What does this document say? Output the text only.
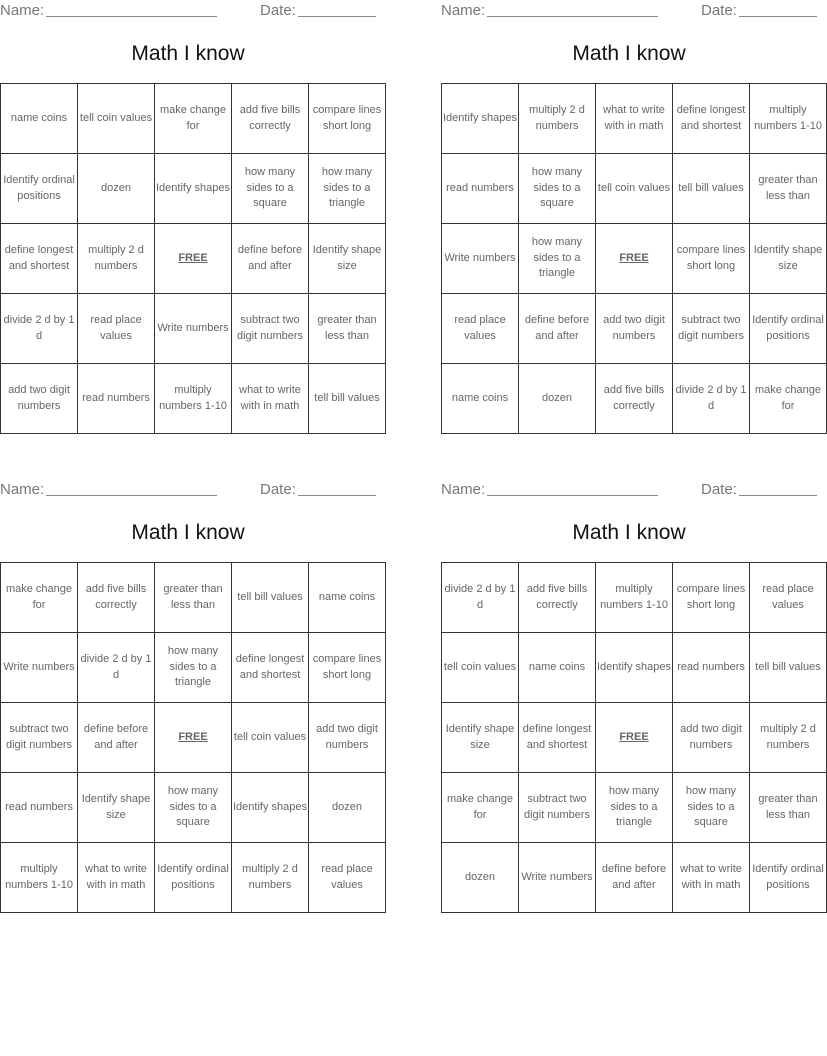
Name:	Date:
Math I know
name coins	tell coin values	make change for	add five bills correctly	compare lines short long
Identify ordinal positions	dozen	Identify shapes	how many sides to a square	how many sides to a triangle
define longest and shortest	multiply 2 d numbers	FREE	define before and after	Identify shape size
divide 2 d by 1 d	read place values	Write numbers	subtract two digit numbers	greater than less than
add two digit numbers	read numbers	multiply numbers 1-10	what to write with in math	tell bill values
Name:	Date:
Math I know
Identify shapes	multiply 2 d numbers	what to write with in math	define longest and shortest	multiply numbers 1-10
read numbers	how many sides to a square	tell coin values	tell bill values	greater than less than
Write numbers	how many sides to a triangle	FREE	compare lines short long	Identify shape size
read place values	define before and after	add two digit numbers	subtract two digit numbers	Identify ordinal positions
name coins	dozen	add five bills correctly	divide 2 d by 1 d	make change for
Name:	Date:
Math I know
make change for	add five bills correctly	greater than less than	tell bill values	name coins
Write numbers	divide 2 d by 1 d	how many sides to a triangle	define longest and shortest	compare lines short long
subtract two digit numbers	define before and after	FREE	tell coin values	add two digit numbers
read numbers	Identify shape size	how many sides to a square	Identify shapes	dozen
multiply numbers 1-10	what to write with in math	Identify ordinal positions	multiply 2 d numbers	read place values
Name:	Date:
Math I know
divide 2 d by 1 d	add five bills correctly	multiply numbers 1-10	compare lines short long	read place values
tell coin values	name coins	Identify shapes	read numbers	tell bill values
Identify shape size	define longest and shortest	FREE	add two digit numbers	multiply 2 d numbers
make change for	subtract two digit numbers	how many sides to a triangle	how many sides to a square	greater than less than
dozen	Write numbers	define before and after	what to write with in math	Identify ordinal positions
